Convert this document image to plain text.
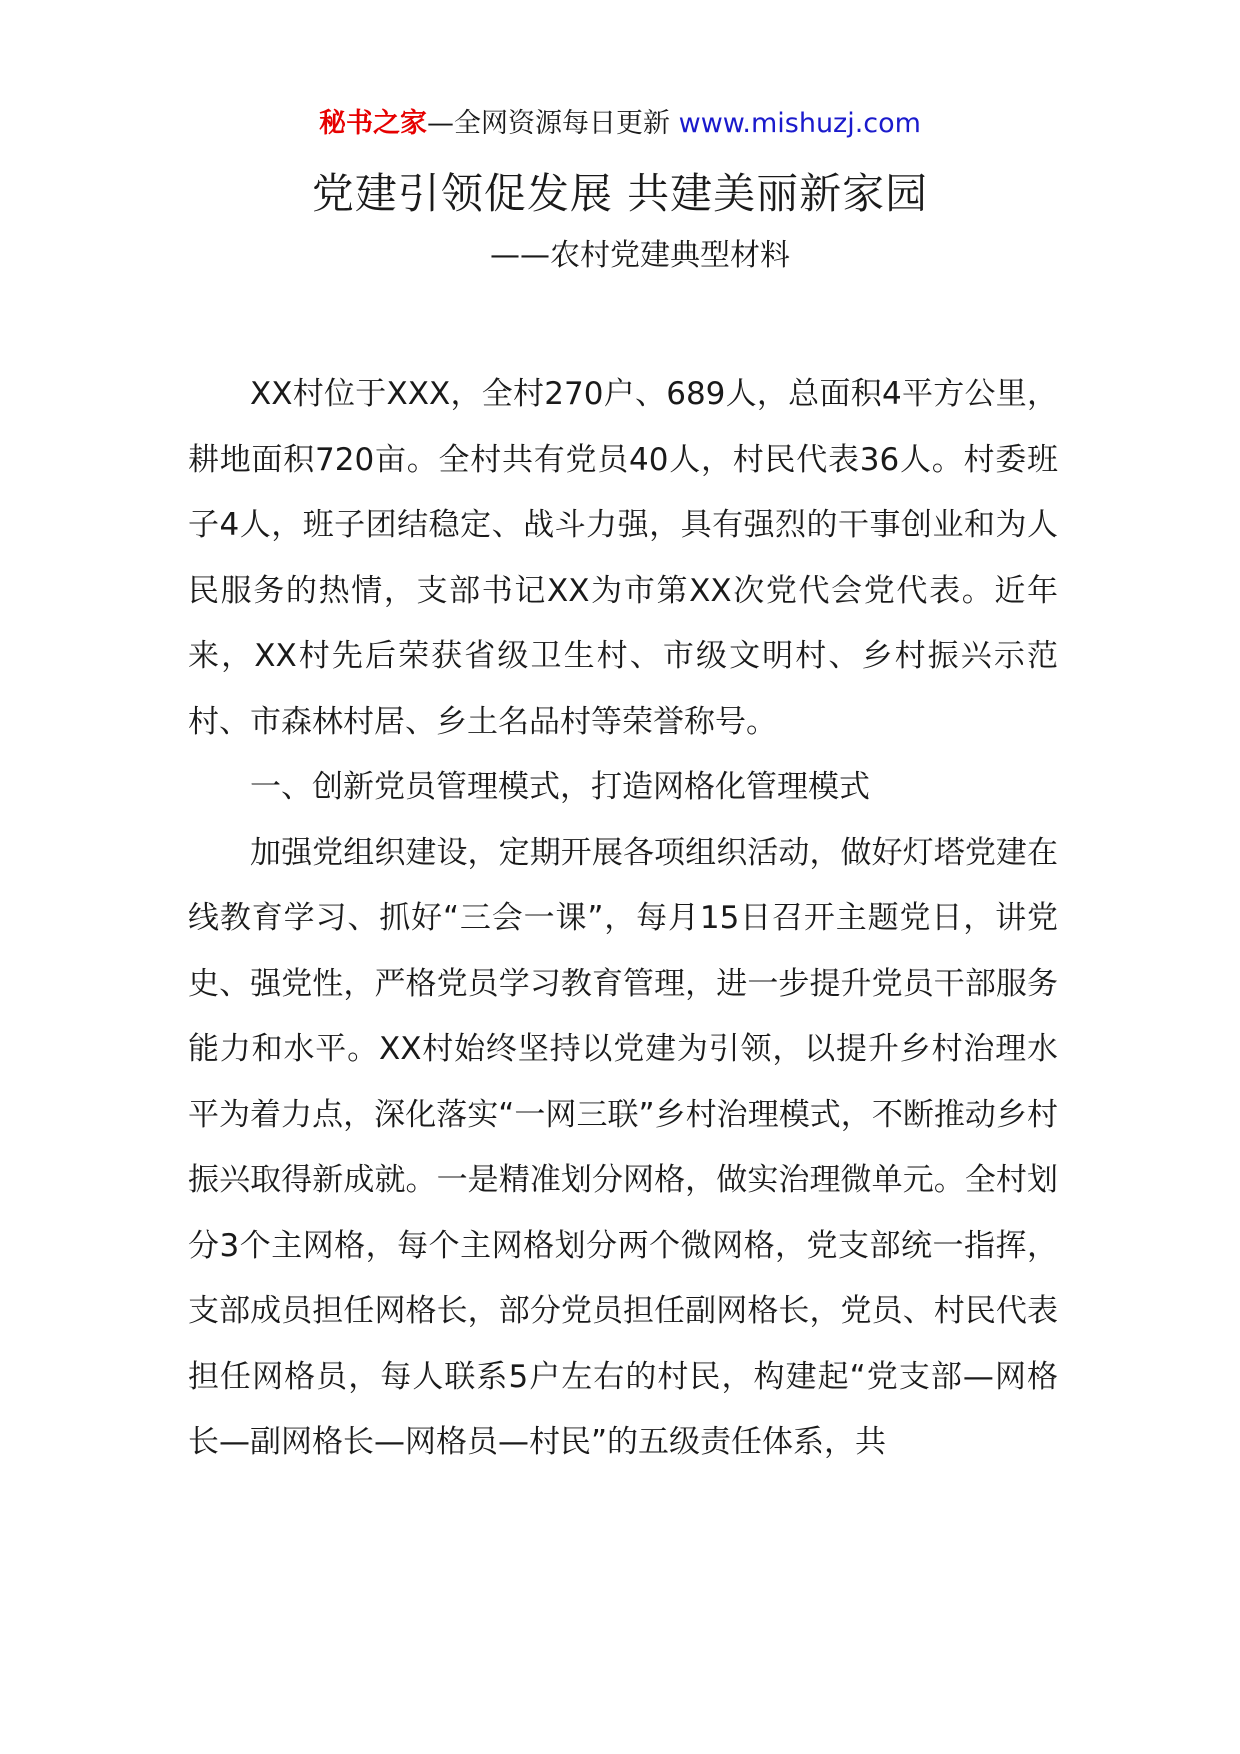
秘书之家—全网资源每日更新 www.mishuzj.com
党建引领促发展 共建美丽新家园
——农村党建典型材料

XX村位于XXX，全村270户、689人，总面积4平方公里，耕地面积720亩。全村共有党员40人，村民代表36人。村委班子4人，班子团结稳定、战斗力强，具有强烈的干事创业和为人民服务的热情，支部书记XX为市第XX次党代会党代表。近年来，XX村先后荣获省级卫生村、市级文明村、乡村振兴示范村、市森林村居、乡土名品村等荣誉称号。

一、创新党员管理模式，打造网格化管理模式

加强党组织建设，定期开展各项组织活动，做好灯塔党建在线教育学习、抓好“三会一课”，每月15日召开主题党日，讲党史、强党性，严格党员学习教育管理，进一步提升党员干部服务能力和水平。XX村始终坚持以党建为引领，以提升乡村治理水平为着力点，深化落实“一网三联”乡村治理模式，不断推动乡村振兴取得新成就。一是精准划分网格，做实治理微单元。全村划分3个主网格，每个主网格划分两个微网格，党支部统一指挥，支部成员担任网格长，部分党员担任副网格长，党员、村民代表担任网格员，每人联系5户左右的村民，构建起“党支部—网格长—副网格长—网格员—村民”的五级责任体系，共
